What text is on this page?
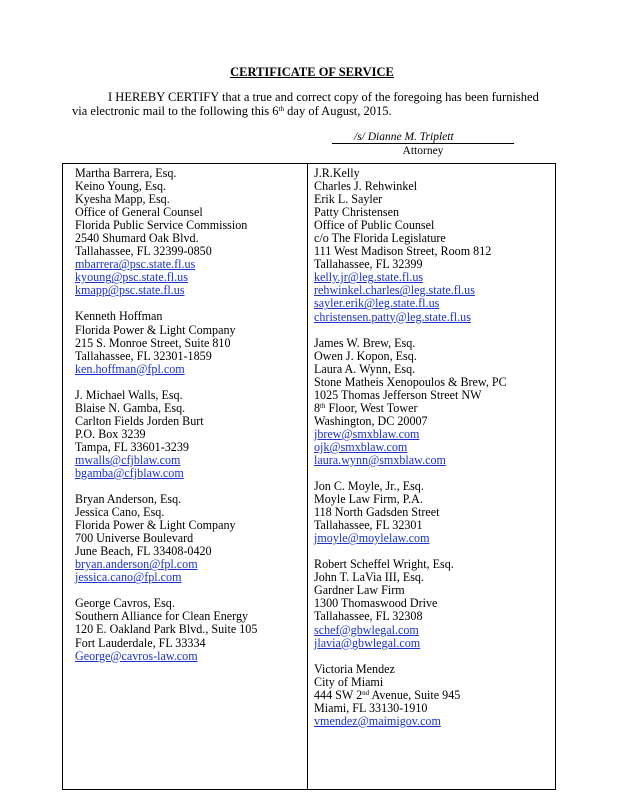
CERTIFICATE OF SERVICE
I HEREBY CERTIFY that a true and correct copy of the foregoing has been furnished via electronic mail to the following this 6th day of August, 2015.
/s/ Dianne M. Triplett
Attorney
Martha Barrera, Esq.
Keino Young, Esq.
Kyesha Mapp, Esq.
Office of General Counsel
Florida Public Service Commission
2540 Shumard Oak Blvd.
Tallahassee, FL 32399-0850
mbarrera@psc.state.fl.us
kyoung@psc.state.fl.us
kmapp@psc.state.fl.us
Kenneth Hoffman
Florida Power & Light Company
215 S. Monroe Street, Suite 810
Tallahassee, FL 32301-1859
ken.hoffman@fpl.com
J. Michael Walls, Esq.
Blaise N. Gamba, Esq.
Carlton Fields Jorden Burt
P.O. Box 3239
Tampa, FL 33601-3239
mwalls@cfjblaw.com
bgamba@cfjblaw.com
Bryan Anderson, Esq.
Jessica Cano, Esq.
Florida Power & Light Company
700 Universe Boulevard
June Beach, FL 33408-0420
bryan.anderson@fpl.com
jessica.cano@fpl.com
George Cavros, Esq.
Southern Alliance for Clean Energy
120 E. Oakland Park Blvd., Suite 105
Fort Lauderdale, FL 33334
George@cavros-law.com
J.R.Kelly
Charles J. Rehwinkel
Erik L. Sayler
Patty Christensen
Office of Public Counsel
c/o The Florida Legislature
111 West Madison Street, Room 812
Tallahassee, FL 32399
kelly.jr@leg.state.fl.us
rehwinkel.charles@leg.state.fl.us
sayler.erik@leg.state.fl.us
christensen.patty@leg.state.fl.us
James W. Brew, Esq.
Owen J. Kopon, Esq.
Laura A. Wynn, Esq.
Stone Matheis Xenopoulos & Brew, PC
1025 Thomas Jefferson Street NW
8th Floor, West Tower
Washington, DC 20007
jbrew@smxblaw.com
ojk@smxblaw.com
laura.wynn@smxblaw.com
Jon C. Moyle, Jr., Esq.
Moyle Law Firm, P.A.
118 North Gadsden Street
Tallahassee, FL 32301
jmoyle@moylelaw.com
Robert Scheffel Wright, Esq.
John T. LaVia III, Esq.
Gardner Law Firm
1300 Thomaswood Drive
Tallahassee, FL 32308
schef@gbwlegal.com
jlavia@gbwlegal.com
Victoria Mendez
City of Miami
444 SW 2nd Avenue, Suite 945
Miami, FL 33130-1910
vmendez@maimigov.com
